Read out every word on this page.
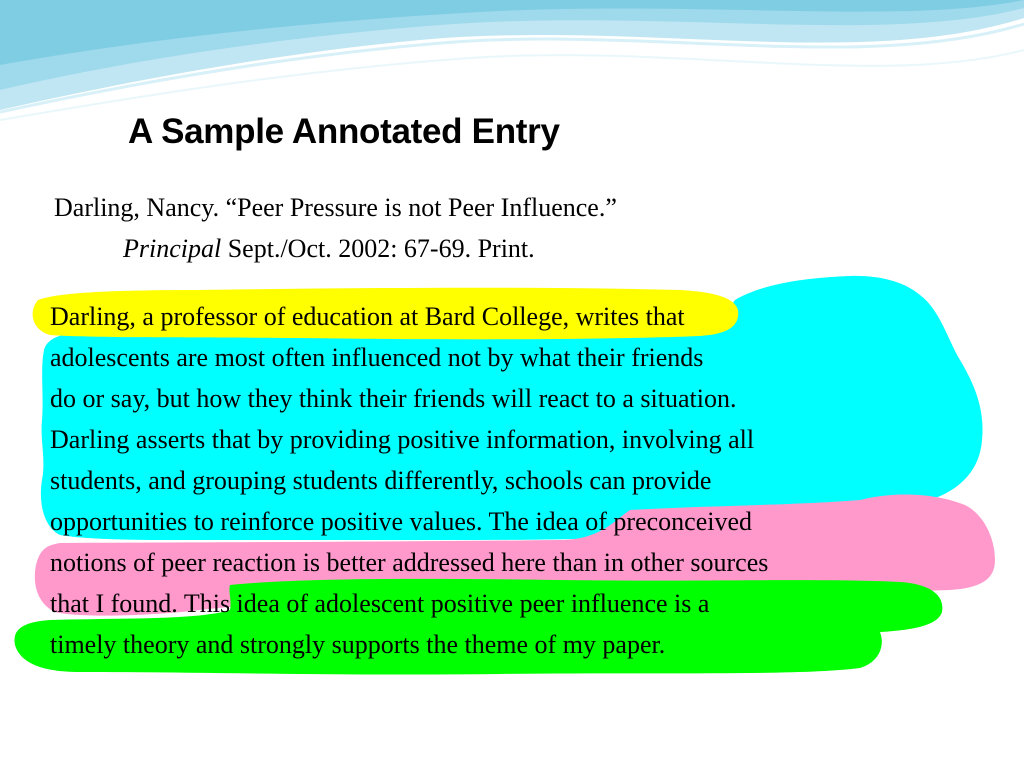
A Sample Annotated Entry
Darling, Nancy. “Peer Pressure is not Peer Influence.”
Principal Sept./Oct. 2002: 67-69. Print.
Darling, a professor of education at Bard College, writes that
adolescents are most often influenced not by what their friends
do or say, but how they think their friends will react to a situation.
Darling asserts that by providing positive information, involving all
students, and grouping students differently, schools can provide
opportunities to reinforce positive values. The idea of preconceived
notions of peer reaction is better addressed here than in other sources
that I found. This idea of adolescent positive peer influence is a
timely theory and strongly supports the theme of my paper.
